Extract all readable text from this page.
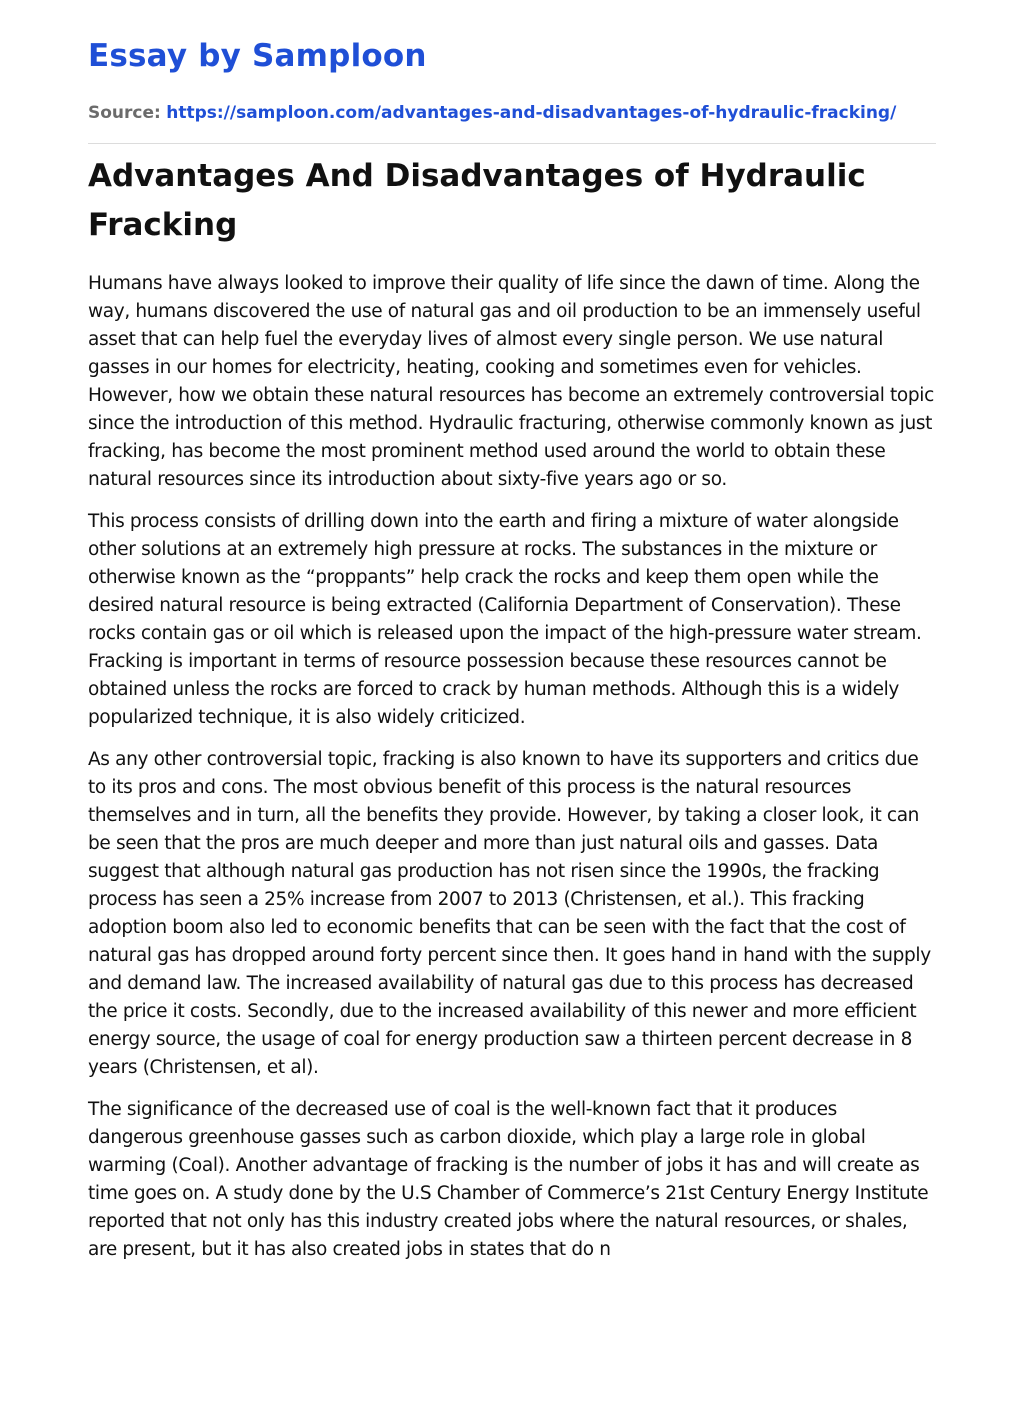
Essay by Samploon
Source: https://samploon.com/advantages-and-disadvantages-of-hydraulic-fracking/
Advantages And Disadvantages of Hydraulic Fracking

Humans have always looked to improve their quality of life since the dawn of time. Along the way, humans discovered the use of natural gas and oil production to be an immensely useful asset that can help fuel the everyday lives of almost every single person. We use natural gasses in our homes for electricity, heating, cooking and sometimes even for vehicles. However, how we obtain these natural resources has become an extremely controversial topic since the introduction of this method. Hydraulic fracturing, otherwise commonly known as just fracking, has become the most prominent method used around the world to obtain these natural resources since its introduction about sixty-five years ago or so.

This process consists of drilling down into the earth and firing a mixture of water alongside other solutions at an extremely high pressure at rocks. The substances in the mixture or otherwise known as the “proppants” help crack the rocks and keep them open while the desired natural resource is being extracted (California Department of Conservation). These rocks contain gas or oil which is released upon the impact of the high-pressure water stream. Fracking is important in terms of resource possession because these resources cannot be obtained unless the rocks are forced to crack by human methods. Although this is a widely popularized technique, it is also widely criticized.

As any other controversial topic, fracking is also known to have its supporters and critics due to its pros and cons. The most obvious benefit of this process is the natural resources themselves and in turn, all the benefits they provide. However, by taking a closer look, it can be seen that the pros are much deeper and more than just natural oils and gasses. Data suggest that although natural gas production has not risen since the 1990s, the fracking process has seen a 25% increase from 2007 to 2013 (Christensen, et al.). This fracking adoption boom also led to economic benefits that can be seen with the fact that the cost of natural gas has dropped around forty percent since then. It goes hand in hand with the supply and demand law. The increased availability of natural gas due to this process has decreased the price it costs. Secondly, due to the increased availability of this newer and more efficient energy source, the usage of coal for energy production saw a thirteen percent decrease in 8 years (Christensen, et al).

The significance of the decreased use of coal is the well-known fact that it produces dangerous greenhouse gasses such as carbon dioxide, which play a large role in global warming (Coal). Another advantage of fracking is the number of jobs it has and will create as time goes on. A study done by the U.S Chamber of Commerce’s 21st Century Energy Institute reported that not only has this industry created jobs where the natural resources, or shales, are present, but it has also created jobs in states that do n
